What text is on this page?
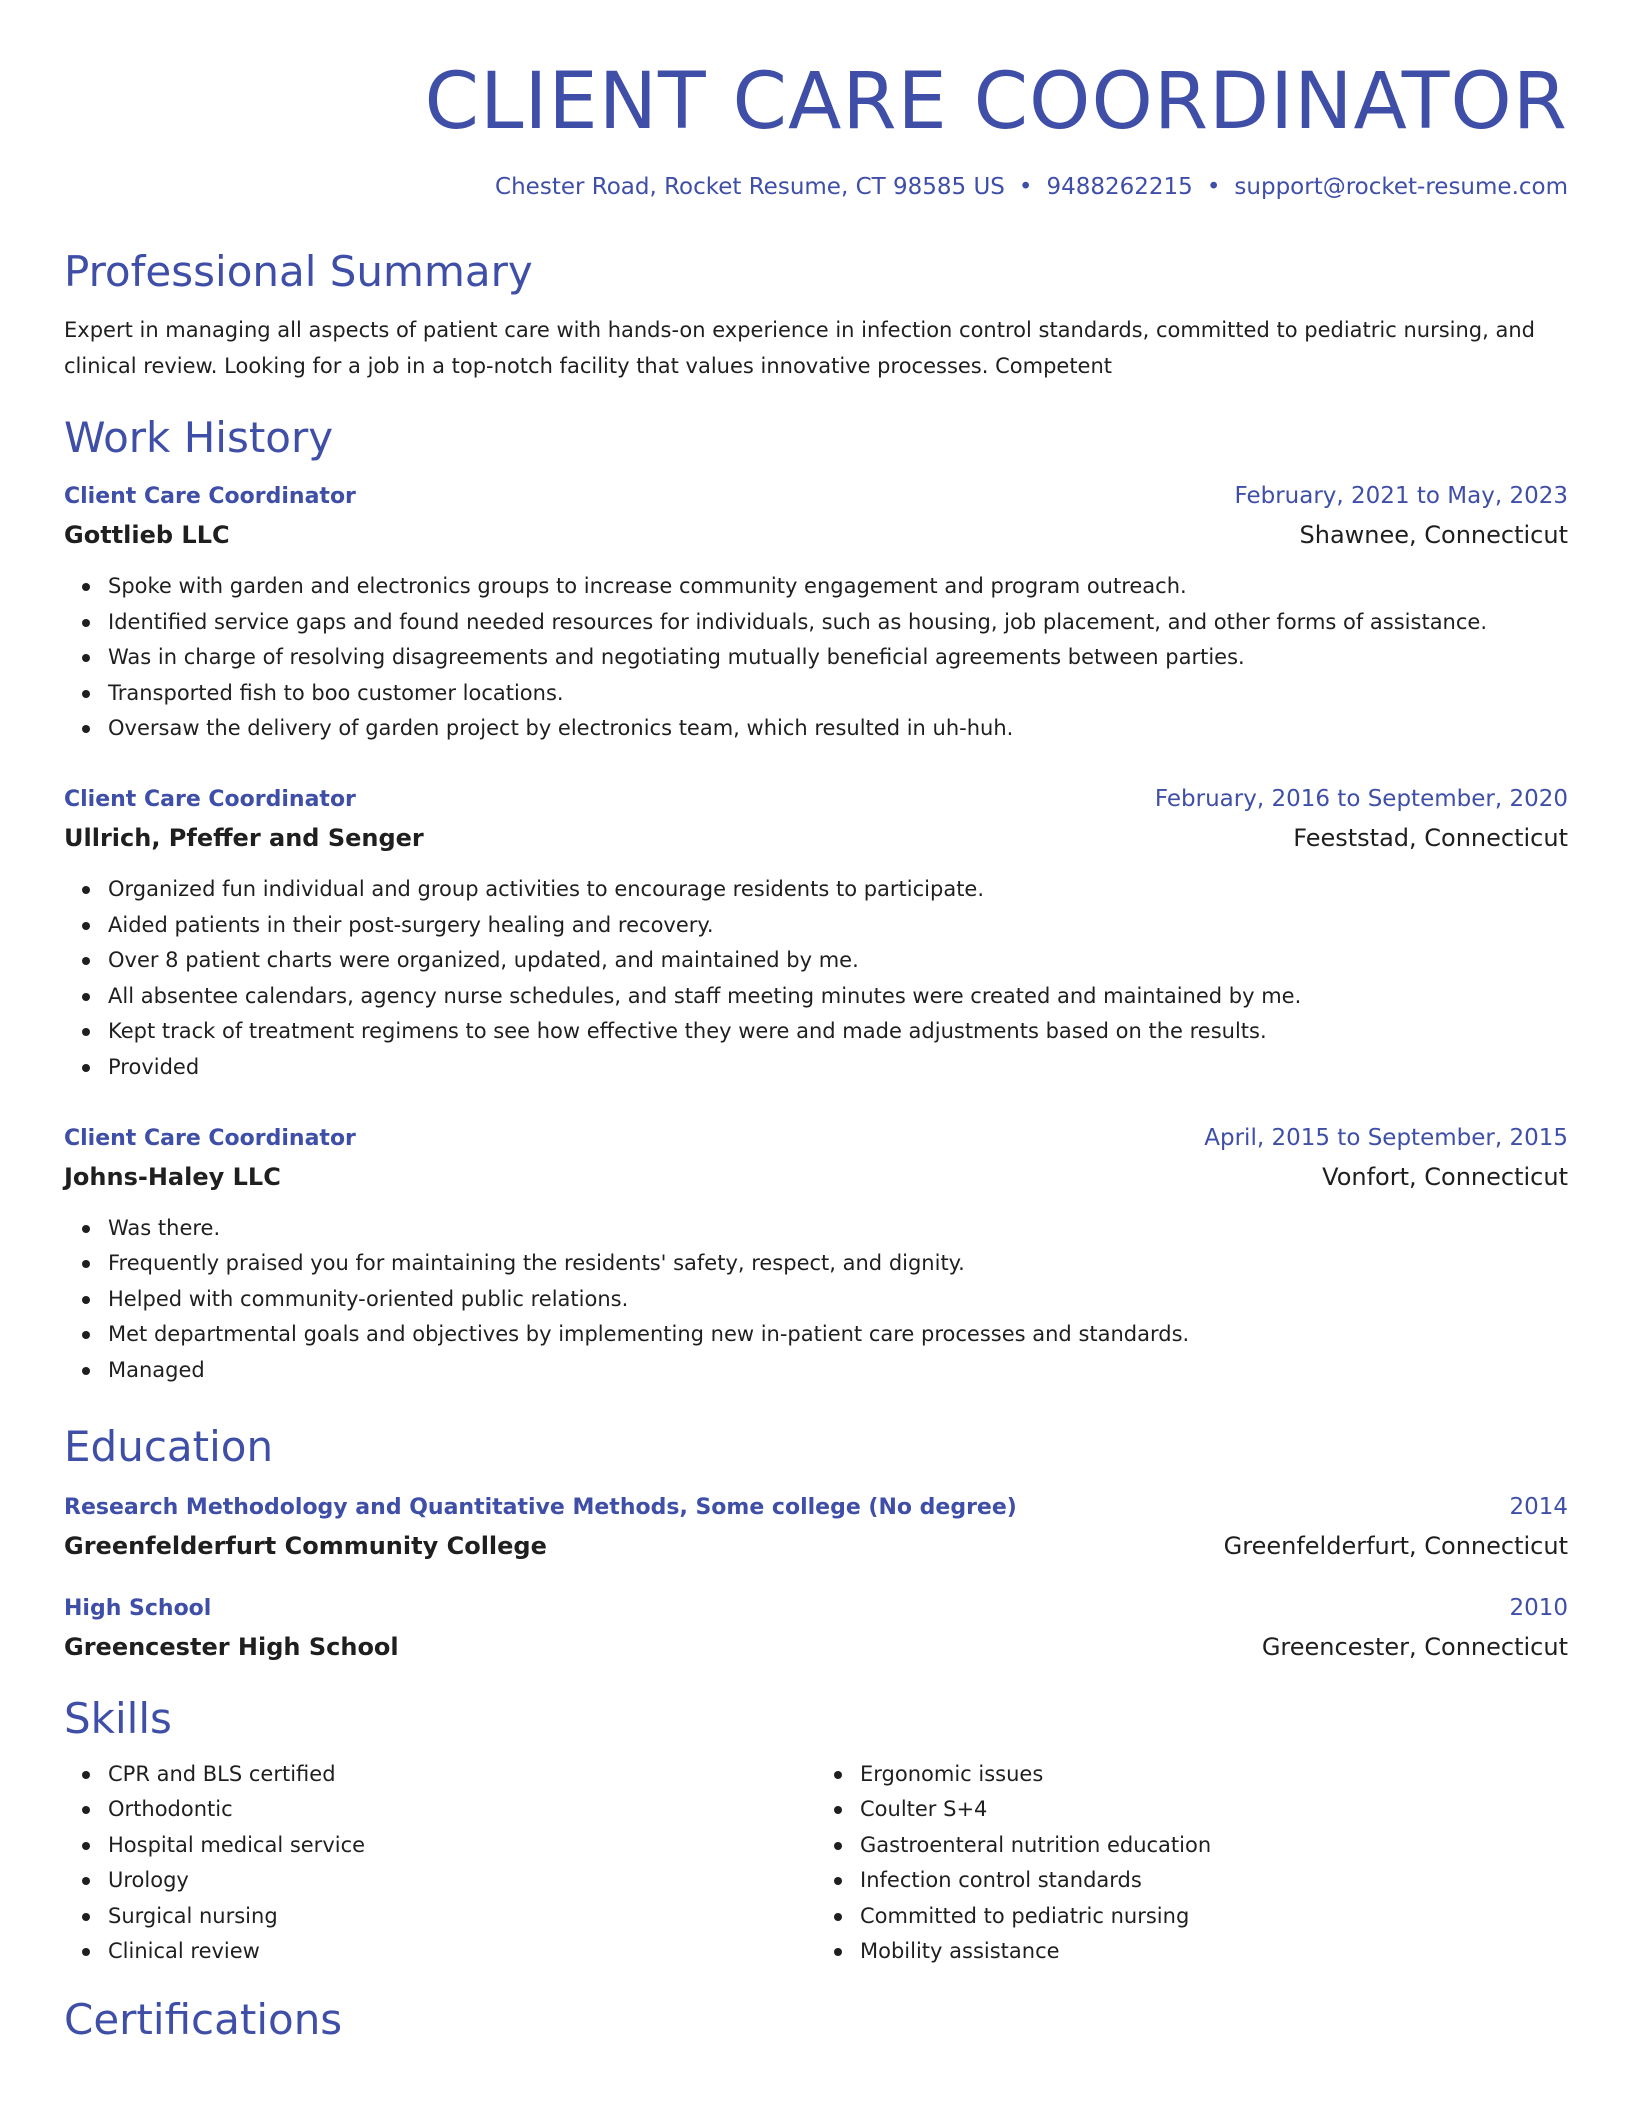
CLIENT CARE COORDINATOR
Chester Road, Rocket Resume, CT 98585 US • 9488262215 • support@rocket-resume.com
Professional Summary
Expert in managing all aspects of patient care with hands-on experience in infection control standards, committed to pediatric nursing, and clinical review. Looking for a job in a top-notch facility that values innovative processes. Competent
Work History
Client Care Coordinator	February, 2021 to May, 2023
Gottlieb LLC	Shawnee, Connecticut
Spoke with garden and electronics groups to increase community engagement and program outreach.
Identified service gaps and found needed resources for individuals, such as housing, job placement, and other forms of assistance.
Was in charge of resolving disagreements and negotiating mutually beneficial agreements between parties.
Transported fish to boo customer locations.
Oversaw the delivery of garden project by electronics team, which resulted in uh-huh.
Client Care Coordinator	February, 2016 to September, 2020
Ullrich, Pfeffer and Senger	Feeststad, Connecticut
Organized fun individual and group activities to encourage residents to participate.
Aided patients in their post-surgery healing and recovery.
Over 8 patient charts were organized, updated, and maintained by me.
All absentee calendars, agency nurse schedules, and staff meeting minutes were created and maintained by me.
Kept track of treatment regimens to see how effective they were and made adjustments based on the results.
Provided
Client Care Coordinator	April, 2015 to September, 2015
Johns-Haley LLC	Vonfort, Connecticut
Was there.
Frequently praised you for maintaining the residents' safety, respect, and dignity.
Helped with community-oriented public relations.
Met departmental goals and objectives by implementing new in-patient care processes and standards.
Managed
Education
Research Methodology and Quantitative Methods, Some college (No degree)	2014
Greenfelderfurt Community College	Greenfelderfurt, Connecticut
High School	2010
Greencester High School	Greencester, Connecticut
Skills
CPR and BLS certified
Orthodontic
Hospital medical service
Urology
Surgical nursing
Clinical review
Ergonomic issues
Coulter S+4
Gastroenteral nutrition education
Infection control standards
Committed to pediatric nursing
Mobility assistance
Certifications
